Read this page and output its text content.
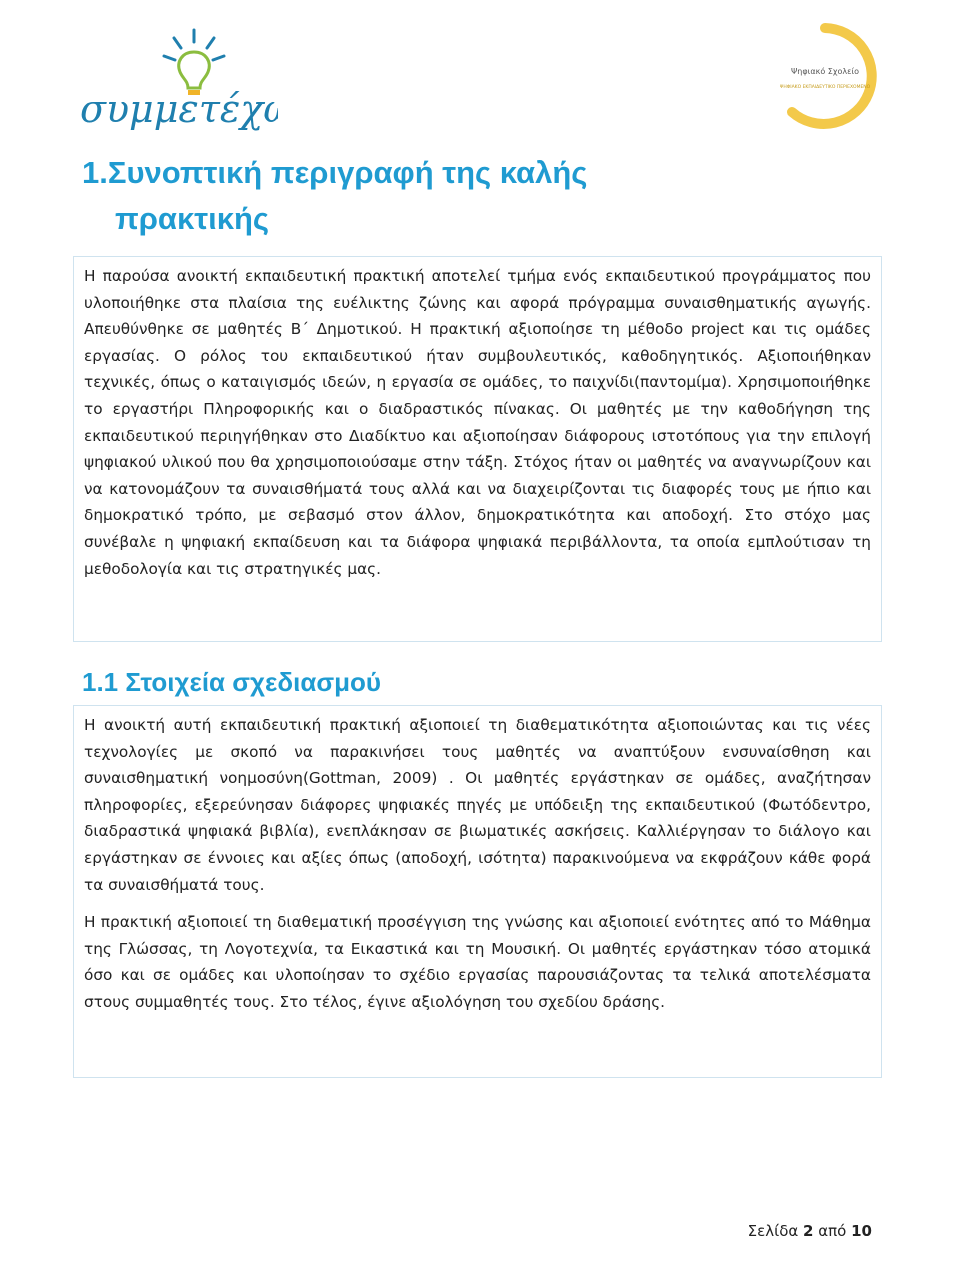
συμμετέχω
Ψηφιακό Σχολείο
ΨΗΦΙΑΚΟ ΕΚΠΑΙΔΕΥΤΙΚΟ ΠΕΡΙΕΧΟΜΕΝΟ
1.Συνοπτική περιγραφή της καλής
πρακτικής

Η παρούσα ανοικτή εκπαιδευτική πρακτική αποτελεί τμήμα ενός εκπαιδευτικού προγράμματος που υλοποιήθηκε στα πλαίσια της ευέλικτης ζώνης και αφορά πρόγραμμα συναισθηματικής αγωγής. Απευθύνθηκε σε μαθητές Β΄ Δημοτικού. Η πρακτική αξιοποίησε τη μέθοδο project και τις ομάδες εργασίας. Ο ρόλος του εκπαιδευτικού ήταν συμβουλευτικός, καθοδηγητικός. Αξιοποιήθηκαν τεχνικές, όπως ο καταιγισμός ιδεών, η εργασία σε ομάδες, το παιχνίδι(παντομίμα). Χρησιμοποιήθηκε το εργαστήρι Πληροφορικής και ο διαδραστικός πίνακας. Οι μαθητές με την καθοδήγηση της εκπαιδευτικού περιηγήθηκαν στο Διαδίκτυο και αξιοποίησαν διάφορους ιστοτόπους για την επιλογή ψηφιακού υλικού που θα χρησιμοποιούσαμε στην τάξη. Στόχος ήταν οι μαθητές να αναγνωρίζουν και να κατονομάζουν τα συναισθήματά τους αλλά και να διαχειρίζονται τις διαφορές τους με ήπιο και δημοκρατικό τρόπο, με σεβασμό στον άλλον, δημοκρατικότητα και αποδοχή. Στο στόχο μας συνέβαλε η ψηφιακή εκπαίδευση και τα διάφορα ψηφιακά περιβάλλοντα, τα οποία εμπλούτισαν τη μεθοδολογία και τις στρατηγικές μας.

1.1 Στοιχεία σχεδιασμού

Η ανοικτή αυτή εκπαιδευτική πρακτική αξιοποιεί τη διαθεματικότητα αξιοποιώντας και τις νέες τεχνολογίες με σκοπό να παρακινήσει τους μαθητές να αναπτύξουν ενσυναίσθηση και συναισθηματική νοημοσύνη(Gottman, 2009) . Οι μαθητές εργάστηκαν σε ομάδες, αναζήτησαν πληροφορίες, εξερεύνησαν διάφορες ψηφιακές πηγές με υπόδειξη της εκπαιδευτικού (Φωτόδεντρο, διαδραστικά ψηφιακά βιβλία), ενεπλάκησαν σε βιωματικές ασκήσεις. Καλλιέργησαν το διάλογο και εργάστηκαν σε έννοιες και αξίες όπως (αποδοχή, ισότητα) παρακινούμενα να εκφράζουν κάθε φορά τα συναισθήματά τους.

Η πρακτική αξιοποιεί τη διαθεματική προσέγγιση της γνώσης και αξιοποιεί ενότητες από το Μάθημα της Γλώσσας, τη Λογοτεχνία, τα Εικαστικά και τη Μουσική. Οι μαθητές εργάστηκαν τόσο ατομικά όσο και σε ομάδες και υλοποίησαν το σχέδιο εργασίας παρουσιάζοντας τα τελικά αποτελέσματα στους συμμαθητές τους. Στο τέλος, έγινε αξιολόγηση του σχεδίου δράσης.

Σελίδα 2 από 10
